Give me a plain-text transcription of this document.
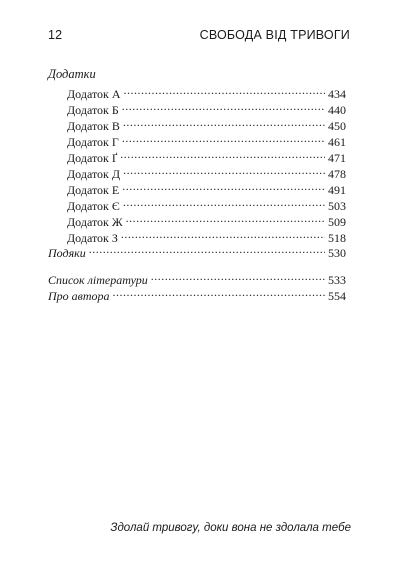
12	СВОБОДА ВІД ТРИВОГИ
Додатки
Додаток А .....	434
Додаток Б .....	440
Додаток В .....	450
Додаток Г .....	461
Додаток Ґ .....	471
Додаток Д .....	478
Додаток Е .....	491
Додаток Є .....	503
Додаток Ж .....	509
Додаток З .....	518
Подяки .....	530
Список літератури .....	533
Про автора .....	554
Здолай тривогу, доки вона не здолала тебе
